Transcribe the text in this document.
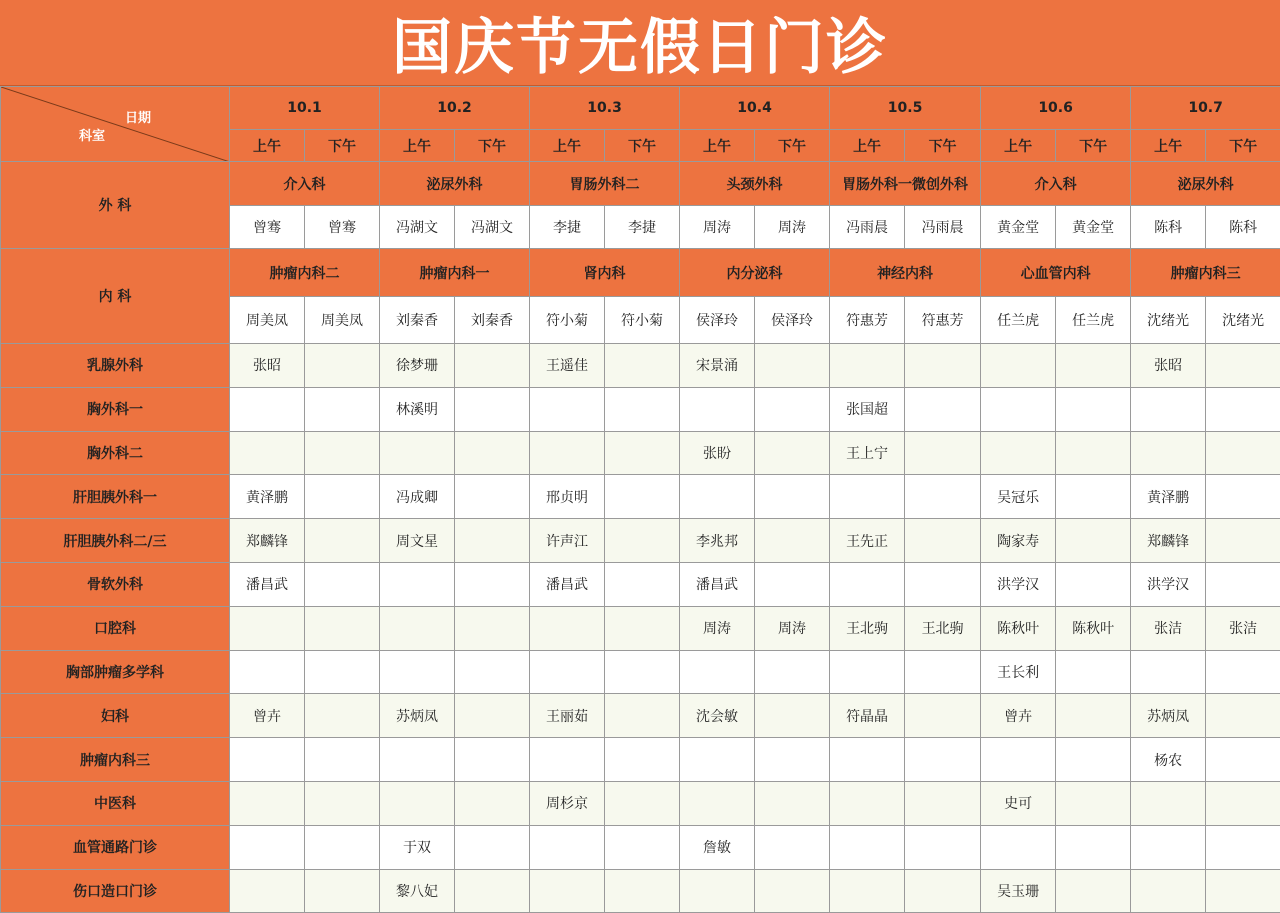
国庆节无假日门诊
日期
科室	10.1		10.2		10.3		10.4		10.5		10.6		10.7	
	上午	下午	上午	下午	上午	下午	上午	下午	上午	下午	上午	下午	上午	下午
外 科	介入科		泌尿外科		胃肠外科二		头颈外科		胃肠外科一微创外科		介入科		泌尿外科	
	曾骞	曾骞	冯湖文	冯湖文	李捷	李捷	周涛	周涛	冯雨晨	冯雨晨	黄金堂	黄金堂	陈科	陈科
内 科	肿瘤内科二		肿瘤内科一		肾内科		内分泌科		神经内科		心血管内科		肿瘤内科三	
	周美凤	周美凤	刘秦香	刘秦香	符小菊	符小菊	侯泽玲	侯泽玲	符惠芳	符惠芳	任兰虎	任兰虎	沈绪光	沈绪光
乳腺外科	张昭		徐梦珊		王遥佳		宋景涌						张昭	
胸外科一			林溪明						张国超					
胸外科二							张盼		王上宁					
肝胆胰外科一	黄泽鹏		冯成卿		邢贞明						吴冠乐		黄泽鹏	
肝胆胰外科二/三	郑麟锋		周文星		许声江		李兆邦		王先正		陶家寿		郑麟锋	
骨软外科	潘昌武				潘昌武		潘昌武				洪学汉		洪学汉	
口腔科							周涛	周涛	王北驹	王北驹	陈秋叶	陈秋叶	张洁	张洁
胸部肿瘤多学科											王长利			
妇科	曾卉		苏炳凤		王丽茹		沈会敏		符晶晶		曾卉		苏炳凤	
肿瘤内科三													杨农	
中医科					周杉京						史可			
血管通路门诊			于双				詹敏							
伤口造口门诊			黎八妃								吴玉珊			
